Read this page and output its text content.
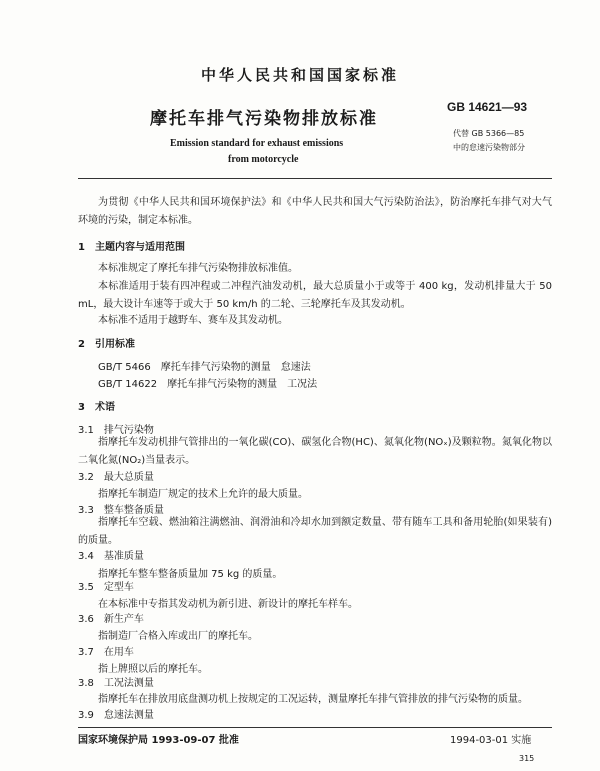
中华人民共和国国家标准
摩托车排气污染物排放标准
Emission standard for exhaust emissions
from motorcycle
GB 14621—93
代替 GB 5366—85
中的怠速污染物部分
为贯彻《中华人民共和国环境保护法》和《中华人民共和国大气污染防治法》，防治摩托车排气对大气环境的污染，制定本标准。
1　主题内容与适用范围
本标准规定了摩托车排气污染物排放标准值。
本标准适用于装有四冲程或二冲程汽油发动机，最大总质量小于或等于 400 kg，发动机排量大于 50 mL，最大设计车速等于或大于 50 km/h 的二轮、三轮摩托车及其发动机。
本标准不适用于越野车、赛车及其发动机。
2　引用标准
GB/T 5466　摩托车排气污染物的测量　怠速法
GB/T 14622　摩托车排气污染物的测量　工况法
3　术语
3.1　 排气污染物
指摩托车发动机排气管排出的一氧化碳(CO)、碳氢化合物(HC)、氮氧化物(NOₓ)及颗粒物。氮氧化物以二氧化氮(NO₂)当量表示。
3.2　 最大总质量
指摩托车制造厂规定的技术上允许的最大质量。
3.3　 整车整备质量
指摩托车空载、燃油箱注满燃油、润滑油和冷却水加到额定数量、带有随车工具和备用轮胎(如果装有)的质量。
3.4　 基准质量
指摩托车整车整备质量加 75 kg 的质量。
3.5　 定型车
在本标准中专指其发动机为新引进、新设计的摩托车样车。
3.6　 新生产车
指制造厂合格入库或出厂的摩托车。
3.7　 在用车
指上牌照以后的摩托车。
3.8　 工况法测量
指摩托车在排放用底盘测功机上按规定的工况运转，测量摩托车排气管排放的排气污染物的质量。
3.9　 怠速法测量
国家环境保护局 1993-09-07 批准	1994-03-01 实施
315
